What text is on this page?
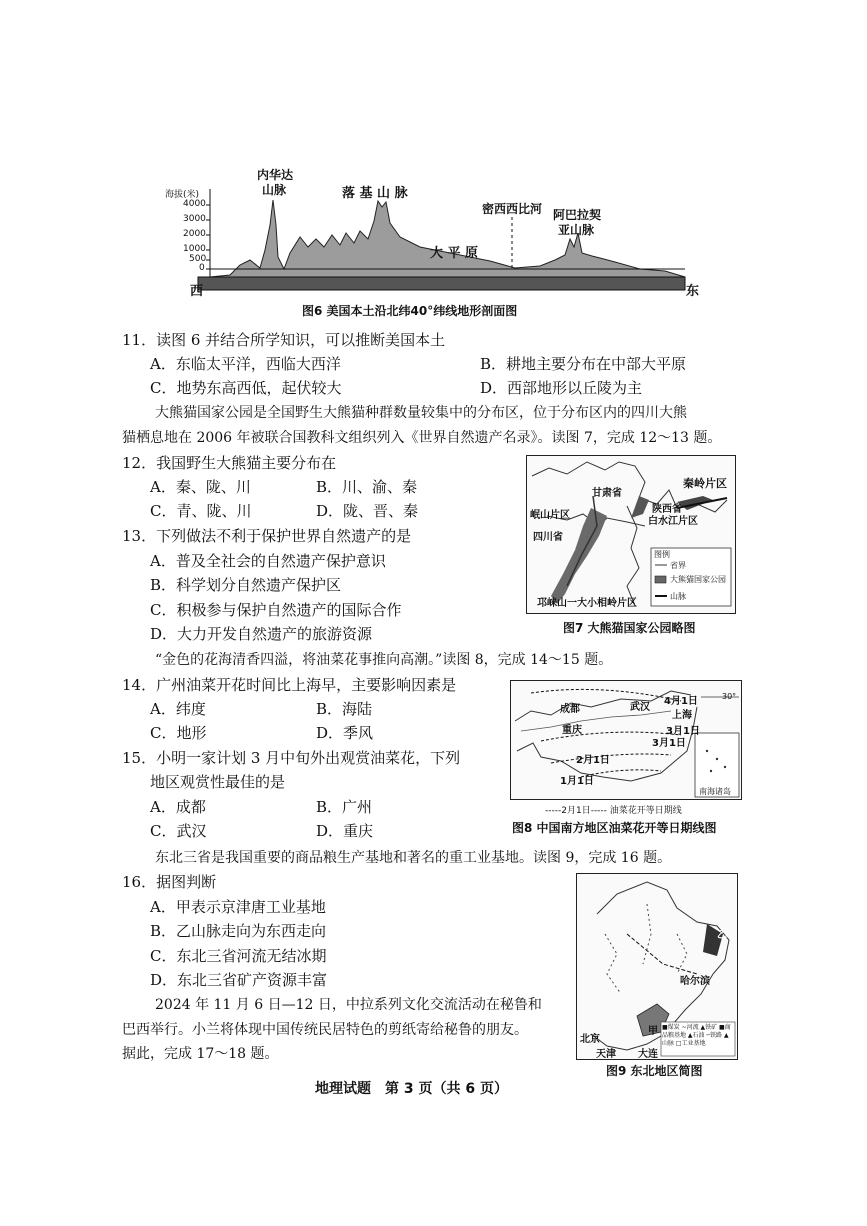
海拔(米)
4000
3000
2000
1000
500
0
内华达
山脉	落 基 山 脉
密西西比河
大 平 原
阿巴拉契
亚山脉
西	东
图6 美国本土沿北纬40°纬线地形剖面图
11．读图 6 并结合所学知识，可以推断美国本土
A．东临太平洋，西临大西洋	B．耕地主要分布在中部大平原
C．地势东高西低，起伏较大	D．西部地形以丘陵为主
大熊猫国家公园是全国野生大熊猫种群数量较集中的分布区，位于分布区内的四川大熊
猫栖息地在 2006 年被联合国教科文组织列入《世界自然遗产名录》。读图 7，完成 12～13 题。
12．我国野生大熊猫主要分布在
A．秦、陇、川	B．川、渝、秦
C．青、陇、川	D．陇、晋、秦
13．下列做法不利于保护世界自然遗产的是
A．普及全社会的自然遗产保护意识
B．科学划分自然遗产保护区
C．积极参与保护自然遗产的国际合作
D．大力开发自然遗产的旅游资源
秦岭片区
甘肃省
陕西省
白水江片区
岷山片区
四川省
邛崃山一大小相岭片区
图例
省界
大熊猫国家公园
山脉
图7 大熊猫国家公园略图
“金色的花海清香四溢，将油菜花事推向高潮。”读图 8，完成 14～15 题。
14．广州油菜开花时间比上海早，主要影响因素是
A．纬度	B．海陆
C．地形	D．季风
15．小明一家计划 3 月中旬外出观赏油菜花，下列
地区观赏性最佳的是
A．成都	B．广州
C．武汉	D．重庆
4月1日	30°
成都	武汉
上海
重庆	3月1日
3月1日
2月1日
1月1日
南海诸岛
-----2月1日----- 油菜花开等日期线
图8 中国南方地区油菜花开等日期线图
东北三省是我国重要的商品粮生产基地和著名的重工业基地。读图 9，完成 16 题。
16．据图判断
A．甲表示京津唐工业基地
B．乙山脉走向为东西走向
C．东北三省河流无结冰期
D．东北三省矿产资源丰富
2024 年 11 月 6 日—12 日，中拉系列文化交流活动在秘鲁和
巴西举行。小兰将体现中国传统民居特色的剪纸寄给秘鲁的朋友。
据此，完成 17～18 题。
哈尔滨
甲
乙
北京
天津 大连
■煤炭 ~河流 ▲铁矿 ■商品粮基地 ▲石油 ─铁路 ▲山脉 □工业基地
图9 东北地区简图
地理试题　第 3 页（共 6 页）
